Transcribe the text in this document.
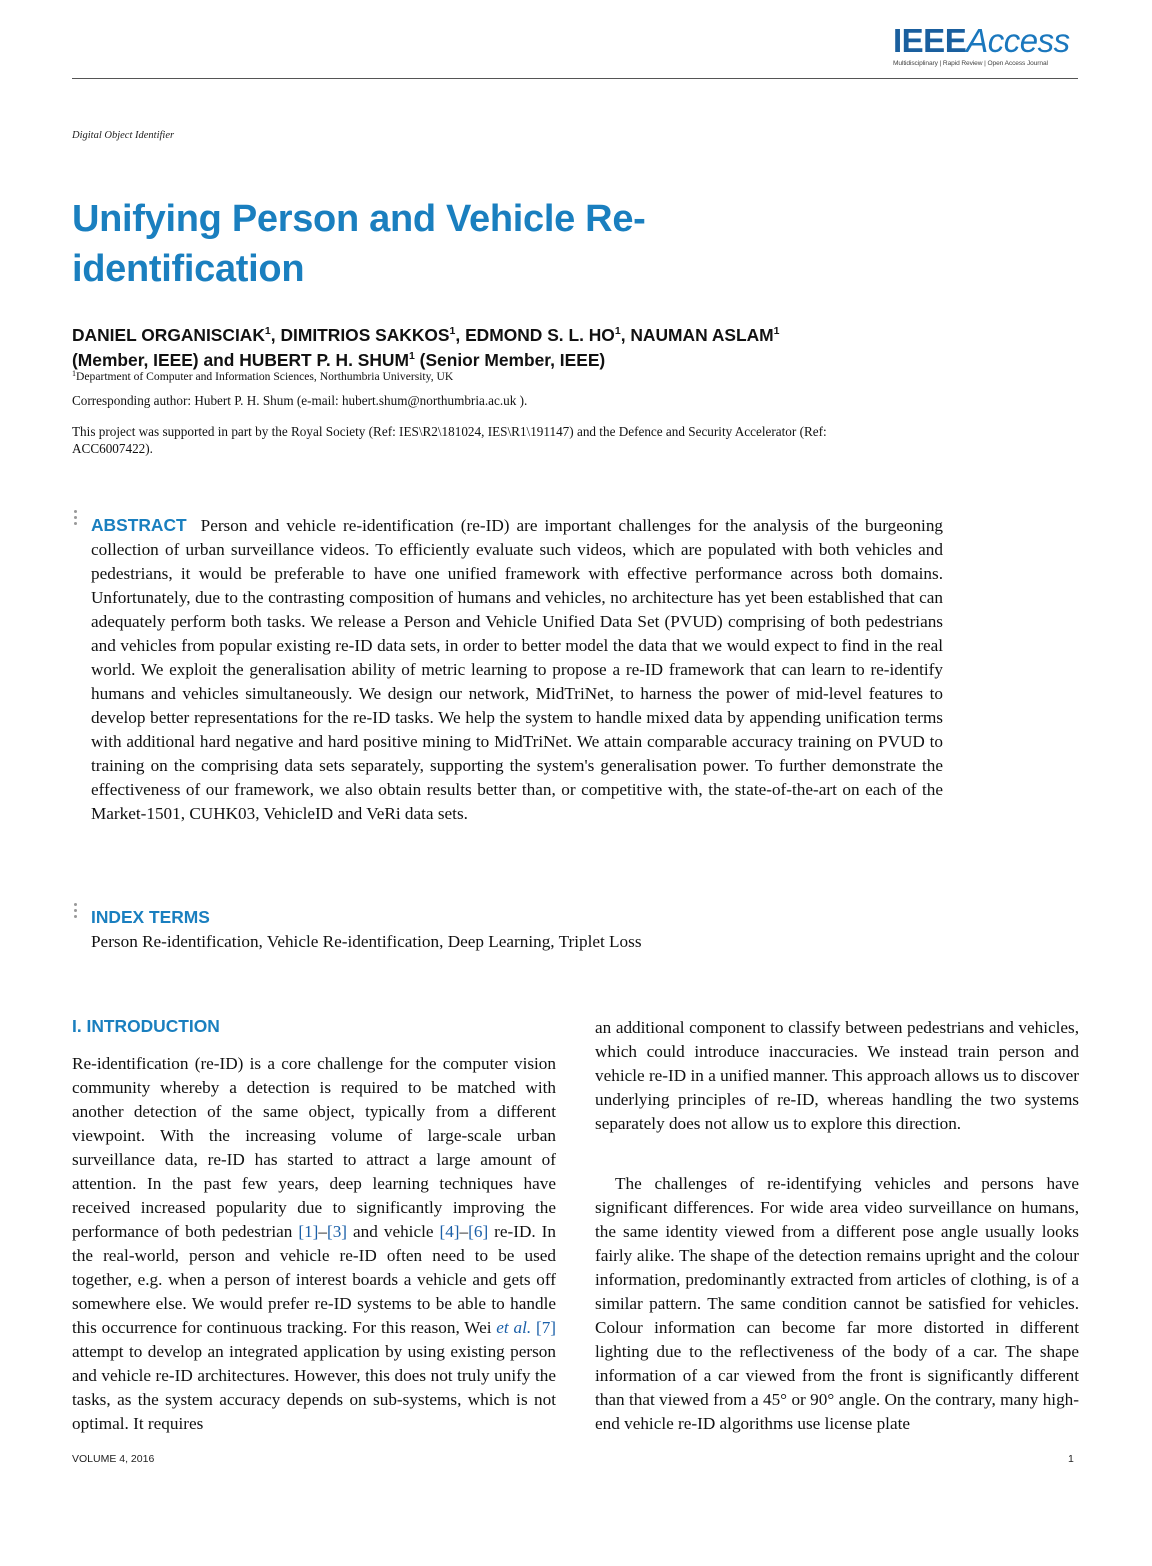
IEEEAccess
Multidisciplinary | Rapid Review | Open Access Journal
Digital Object Identifier
Unifying Person and Vehicle Re-identification
DANIEL ORGANISCIAK$^1$, DIMITRIOS SAKKOS$^1$, EDMOND S. L. $HO^1$, NAUMAN ASLAM$^1$
(Member, IEEE) and HUBERT P. H. SHUM$^1$ (Senior Member, IEEE)
$^1$Department of Computer and Information Sciences, Northumbria University, UK
Corresponding author: Hubert P. H. Shum (e-mail: hubert.shum@northumbria.ac.uk ).
This project was supported in part by the Royal Society (Ref: IES\R2\181024, IES\R1\191147) and the Defence and Security Accelerator (Ref: ACC6007422).
ABSTRACT Person and vehicle re-identification (re-ID) are important challenges for the analysis of the burgeoning collection of urban surveillance videos. To efficiently evaluate such videos, which are populated with both vehicles and pedestrians, it would be preferable to have one unified framework with effective performance across both domains. Unfortunately, due to the contrasting composition of humans and vehicles, no architecture has yet been established that can adequately perform both tasks. We release a Person and Vehicle Unified Data Set (PVUD) comprising of both pedestrians and vehicles from popular existing re-ID data sets, in order to better model the data that we would expect to find in the real world. We exploit the generalisation ability of metric learning to propose a re-ID framework that can learn to re-identify humans and vehicles simultaneously. We design our network, MidTriNet, to harness the power of mid-level features to develop better representations for the re-ID tasks. We help the system to handle mixed data by appending unification terms with additional hard negative and hard positive mining to MidTriNet. We attain comparable accuracy training on PVUD to training on the comprising data sets separately, supporting the system's generalisation power. To further demonstrate the effectiveness of our framework, we also obtain results better than, or competitive with, the state-of-the-art on each of the Market-1501, CUHK03, VehicleID and VeRi data sets.
INDEX TERMS
Person Re-identification, Vehicle Re-identification, Deep Learning, Triplet Loss
I. INTRODUCTION
Re-identification (re-ID) is a core challenge for the computer vision community whereby a detection is required to be matched with another detection of the same object, typically from a different viewpoint. With the increasing volume of large-scale urban surveillance data, re-ID has started to attract a large amount of attention. In the past few years, deep learning techniques have received increased popularity due to significantly improving the performance of both pedestrian [1]–[3] and vehicle [4]–[6] re-ID. In the real-world, person and vehicle re-ID often need to be used together, e.g. when a person of interest boards a vehicle and gets off somewhere else. We would prefer re-ID systems to be able to handle this occurrence for continuous tracking. For this reason, Wei et al. [7] attempt to develop an integrated application by using existing person and vehicle re-ID architectures. However, this does not truly unify the tasks, as the system accuracy depends on sub-systems, which is not optimal. It requires
an additional component to classify between pedestrians and vehicles, which could introduce inaccuracies. We instead train person and vehicle re-ID in a unified manner. This approach allows us to discover underlying principles of re-ID, whereas handling the two systems separately does not allow us to explore this direction.
The challenges of re-identifying vehicles and persons have significant differences. For wide area video surveillance on humans, the same identity viewed from a different pose angle usually looks fairly alike. The shape of the detection remains upright and the colour information, predominantly extracted from articles of clothing, is of a similar pattern. The same condition cannot be satisfied for vehicles. Colour information can become far more distorted in different lighting due to the reflectiveness of the body of a car. The shape information of a car viewed from the front is significantly different than that viewed from a 45° or 90° angle. On the contrary, many high-end vehicle re-ID algorithms use license plate
VOLUME 4, 2016	1
